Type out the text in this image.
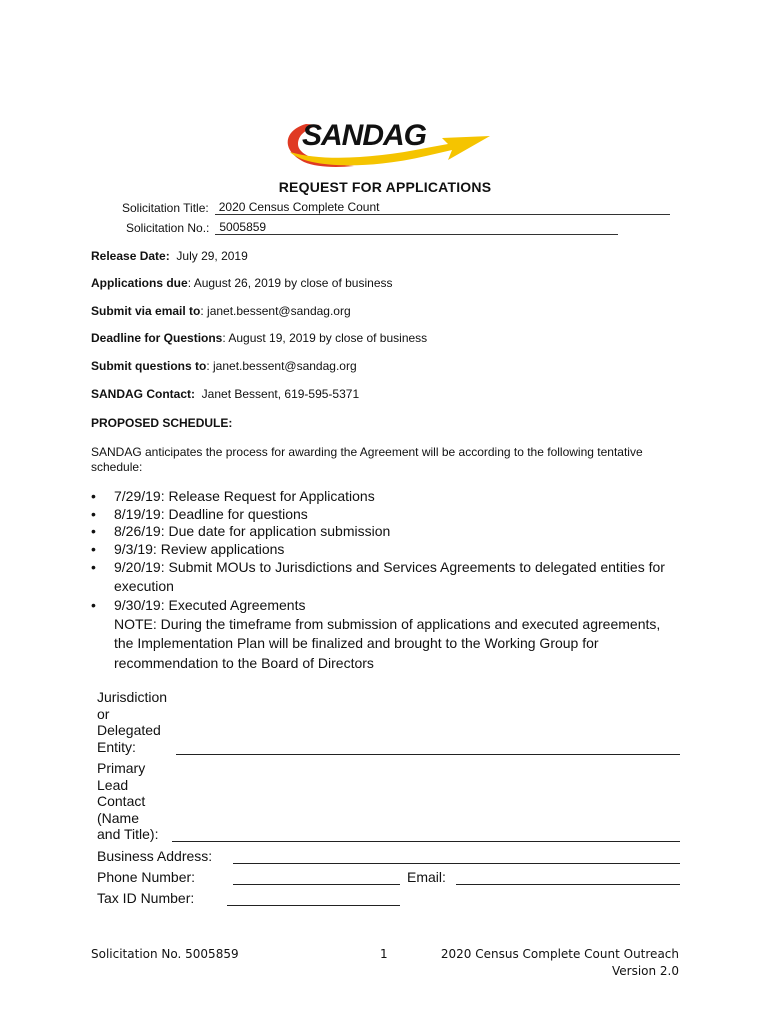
SANDAG
REQUEST FOR APPLICATIONS
Solicitation Title: 2020 Census Complete Count
Solicitation No.: 5005859
Release Date: July 29, 2019
Applications due: August 26, 2019 by close of business
Submit via email to: janet.bessent@sandag.org
Deadline for Questions: August 19, 2019 by close of business
Submit questions to: janet.bessent@sandag.org
SANDAG Contact: Janet Bessent, 619-595-5371
PROPOSED SCHEDULE:
SANDAG anticipates the process for awarding the Agreement will be according to the following tentative schedule:

• 7/29/19: Release Request for Applications

• 8/19/19: Deadline for questions

• 8/26/19: Due date for application submission

• 9/3/19: Review applications

• 9/20/19: Submit MOUs to Jurisdictions and Services Agreements to delegated entities for execution

• 9/30/19: Executed Agreements

NOTE: During the timeframe from submission of applications and executed agreements, the Implementation Plan will be finalized and brought to the Working Group for recommendation to the Board of Directors

Jurisdiction
or
Delegated
Entity:
Primary
Lead
Contact
(Name
and Title):
Business Address:
Phone Number:	Email:
Tax ID Number:
Solicitation No. 5005859	1	2020 Census Complete Count Outreach
Version 2.0
